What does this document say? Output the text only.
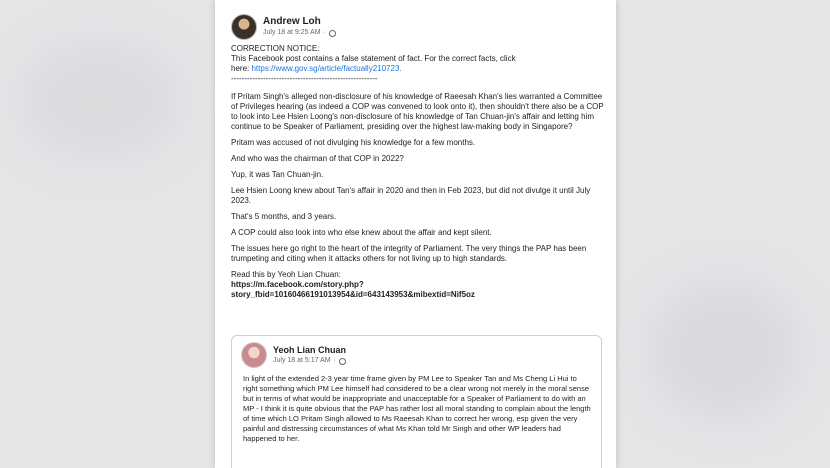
Andrew Loh
July 18 at 9:25 AM ·

CORRECTION NOTICE:
This Facebook post contains a false statement of fact. For the correct facts, click
here: https://www.gov.sg/article/factually210723.
-------------------------------------------------------

If Pritam Singh's alleged non-disclosure of his knowledge of Raeesah Khan's lies warranted a Committee of Privileges hearing (as indeed a COP was convened to look onto it), then shouldn't there also be a COP to look into Lee Hsien Loong's non-disclosure of his knowledge of Tan Chuan-jin's affair and letting him continue to be Speaker of Parliament, presiding over the highest law-making body in Singapore?

Pritam was accused of not divulging his knowledge for a few months.

And who was the chairman of that COP in 2022?

Yup, it was Tan Chuan-jin.

Lee Hsien Loong knew about Tan's affair in 2020 and then in Feb 2023, but did not divulge it until July 2023.

That's 5 months, and 3 years.

A COP could also look into who else knew about the affair and kept silent.

The issues here go right to the heart of the integrity of Parliament. The very things the PAP has been trumpeting and citing when it attacks others for not living up to high standards.

Read this by Yeoh Lian Chuan:
https://m.facebook.com/story.php?
story_fbid=10160466191013954&id=643143953&mibextid=Nif5oz

Yeoh Lian Chuan
July 18 at 5:17 AM ·
In light of the extended 2-3 year time frame given by PM Lee to Speaker Tan and Ms Cheng Li Hui to right something which PM Lee himself had considered to be a clear wrong not merely in the moral sense but in terms of what would be inappropriate and unacceptable for a Speaker of Parliament to do with an MP - I think it is quite obvious that the PAP has rather lost all moral standing to complain about the length of time which LO Pritam Singh allowed to Ms Raeesah Khan to correct her wrong, esp given the very painful and distressing circumstances of what Ms Khan told Mr Singh and other WP leaders had happened to her.
